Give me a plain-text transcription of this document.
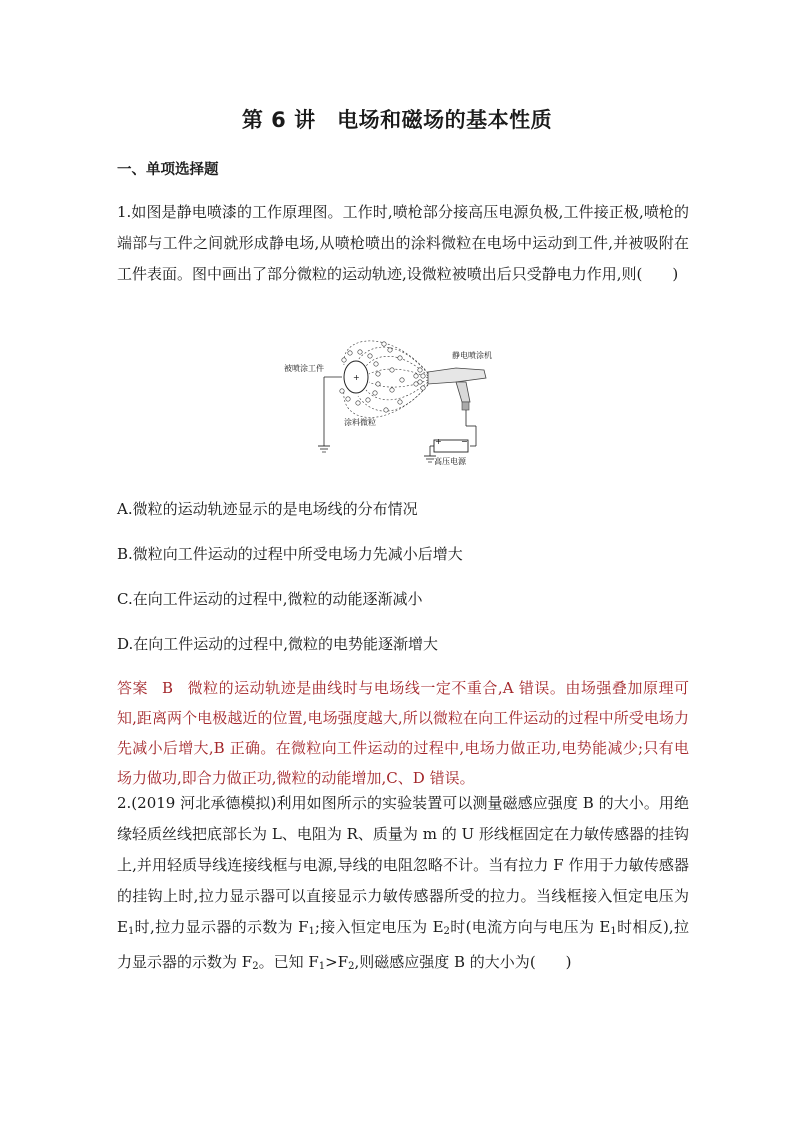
第 6 讲　电场和磁场的基本性质
一、单项选择题
1.如图是静电喷漆的工作原理图。工作时,喷枪部分接高压电源负极,工件接正极,喷枪的端部与工件之间就形成静电场,从喷枪喷出的涂料微粒在电场中运动到工件,并被吸附在工件表面。图中画出了部分微粒的运动轨迹,设微粒被喷出后只受静电力作用,则(　　)
+
+ −
被喷涂工件
静电喷涂机
涂料微粒
高压电源
A.微粒的运动轨迹显示的是电场线的分布情况
B.微粒向工件运动的过程中所受电场力先减小后增大
C.在向工件运动的过程中,微粒的动能逐渐减小
D.在向工件运动的过程中,微粒的电势能逐渐增大
答案 B 微粒的运动轨迹是曲线时与电场线一定不重合,A 错误。由场强叠加原理可知,距离两个电极越近的位置,电场强度越大,所以微粒在向工件运动的过程中所受电场力先减小后增大,B 正确。在微粒向工件运动的过程中,电场力做正功,电势能减少;只有电场力做功,即合力做正功,微粒的动能增加,C、D 错误。
2.(2019 河北承德模拟)利用如图所示的实验装置可以测量磁感应强度 B 的大小。用绝缘轻质丝线把底部长为 L、电阻为 R、质量为 m 的 U 形线框固定在力敏传感器的挂钩上,并用轻质导线连接线框与电源,导线的电阻忽略不计。当有拉力 F 作用于力敏传感器的挂钩上时,拉力显示器可以直接显示力敏传感器所受的拉力。当线框接入恒定电压为 $E_1$时,拉力显示器的示数为 $F_1$;接入恒定电压为 $E_2$时(电流方向与电压为 $E_1$时相反),拉力显示器的示数为 $F_2$。已知 $F_1>F_2$,则磁感应强度 B 的大小为(　　)
